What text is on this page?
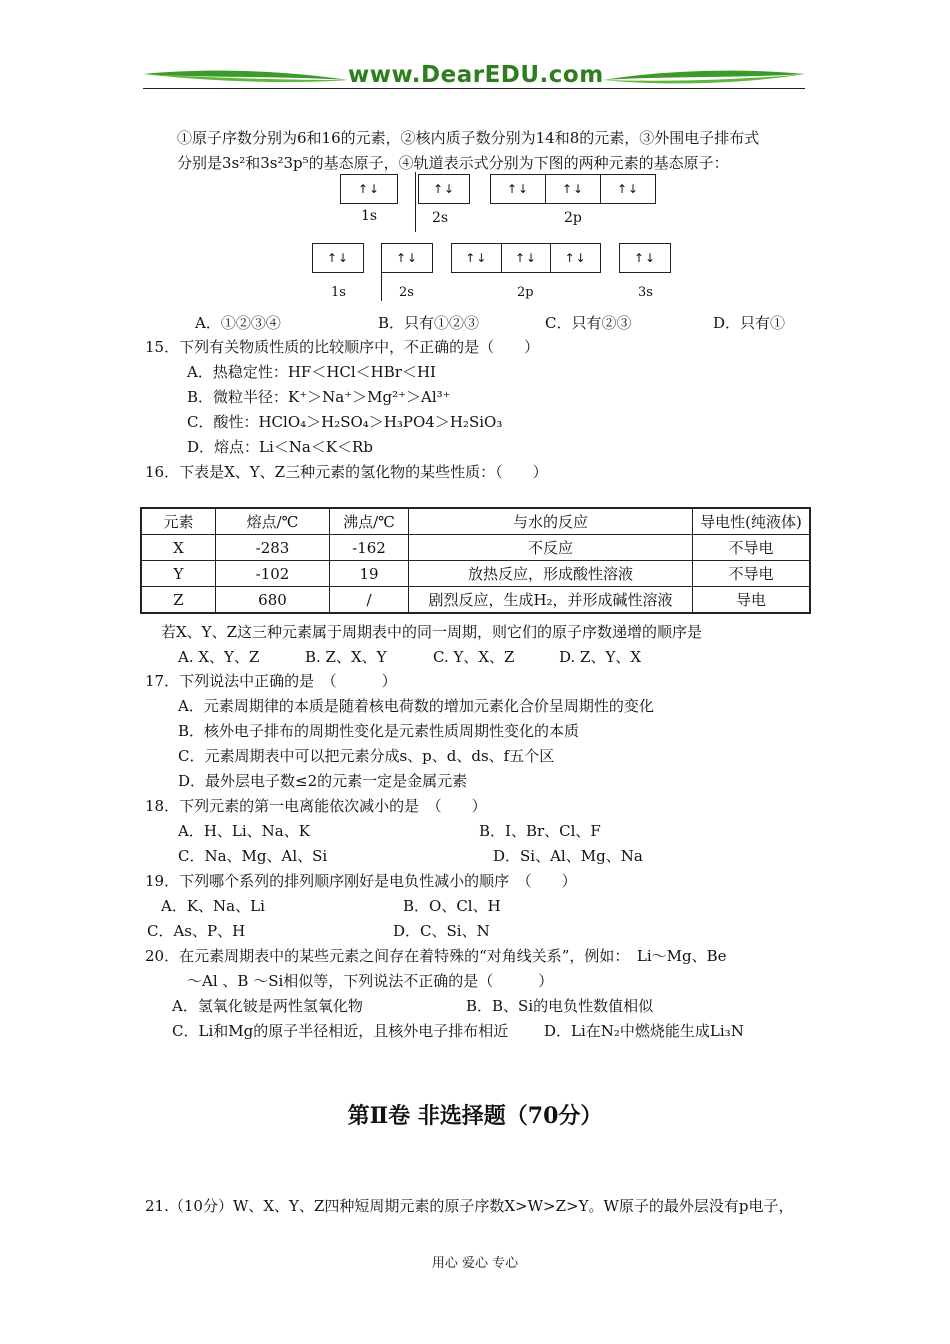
www.DearEDU.com
①原子序数分别为6和16的元素，②核内质子数分别为14和8的元素，③外围电子排布式
分别是3s²和3s²3p⁵的基态原子，④轨道表示式分别为下图的两种元素的基态原子：
↑↓	↑↓	↑↓	↑↓	↑↓
1s	2s	2p
↑↓	↑↓	↑↓	↑↓	↑↓	↑↓
1s	2s	2p	3s
A．①②③④	B．只有①②③	C．只有②③	D．只有①
15．下列有关物质性质的比较顺序中，不正确的是（　　）
A．热稳定性：HF＜HCl＜HBr＜HI
B．微粒半径：K⁺＞Na⁺＞Mg²⁺＞Al³⁺
C．酸性：HClO₄＞H₂SO₄＞H₃PO4＞H₂SiO₃
D．熔点：Li＜Na＜K＜Rb
16．下表是X、Y、Z三种元素的氢化物的某些性质：（　　）
元素	熔点/℃	沸点/℃	与水的反应	导电性(纯液体)
X	-283	-162	不反应	不导电
Y	-102	19	放热反应，形成酸性溶液	不导电
Z	680	/	剧烈反应，生成H₂，并形成碱性溶液	导电
若X、Y、Z这三种元素属于周期表中的同一周期，则它们的原子序数递增的顺序是
A. X、Y、Z	B. Z、X、Y	C. Y、X、Z	D. Z、Y、X
17．下列说法中正确的是　（　　　）
A．元素周期律的本质是随着核电荷数的增加元素化合价呈周期性的变化
B．核外电子排布的周期性变化是元素性质周期性变化的本质
C．元素周期表中可以把元素分成s、p、d、ds、f五个区
D．最外层电子数≤2的元素一定是金属元素
18．下列元素的第一电离能依次减小的是　（　　）
A．H、Li、Na、K	B．I、Br、Cl、F
C．Na、Mg、Al、Si	D．Si、Al、Mg、Na
19．下列哪个系列的排列顺序刚好是电负性减小的顺序　（　　）
A．K、Na、Li	B．O、Cl、H
C．As、P、H	D．C、Si、N
20．在元素周期表中的某些元素之间存在着特殊的“对角线关系”，例如：　Li～Mg、Be
～Al 、B ～Si相似等，下列说法不正确的是（　　　）
A．氢氧化铍是两性氢氧化物	B．B、Si的电负性数值相似
C．Li和Mg的原子半径相近，且核外电子排布相近 D．Li在N₂中燃烧能生成Li₃N
第Ⅱ卷 非选择题（70分）
21.（10分）W、X、Y、Z四种短周期元素的原子序数X>W>Z>Y。W原子的最外层没有p电子，
用心 爱心 专心
